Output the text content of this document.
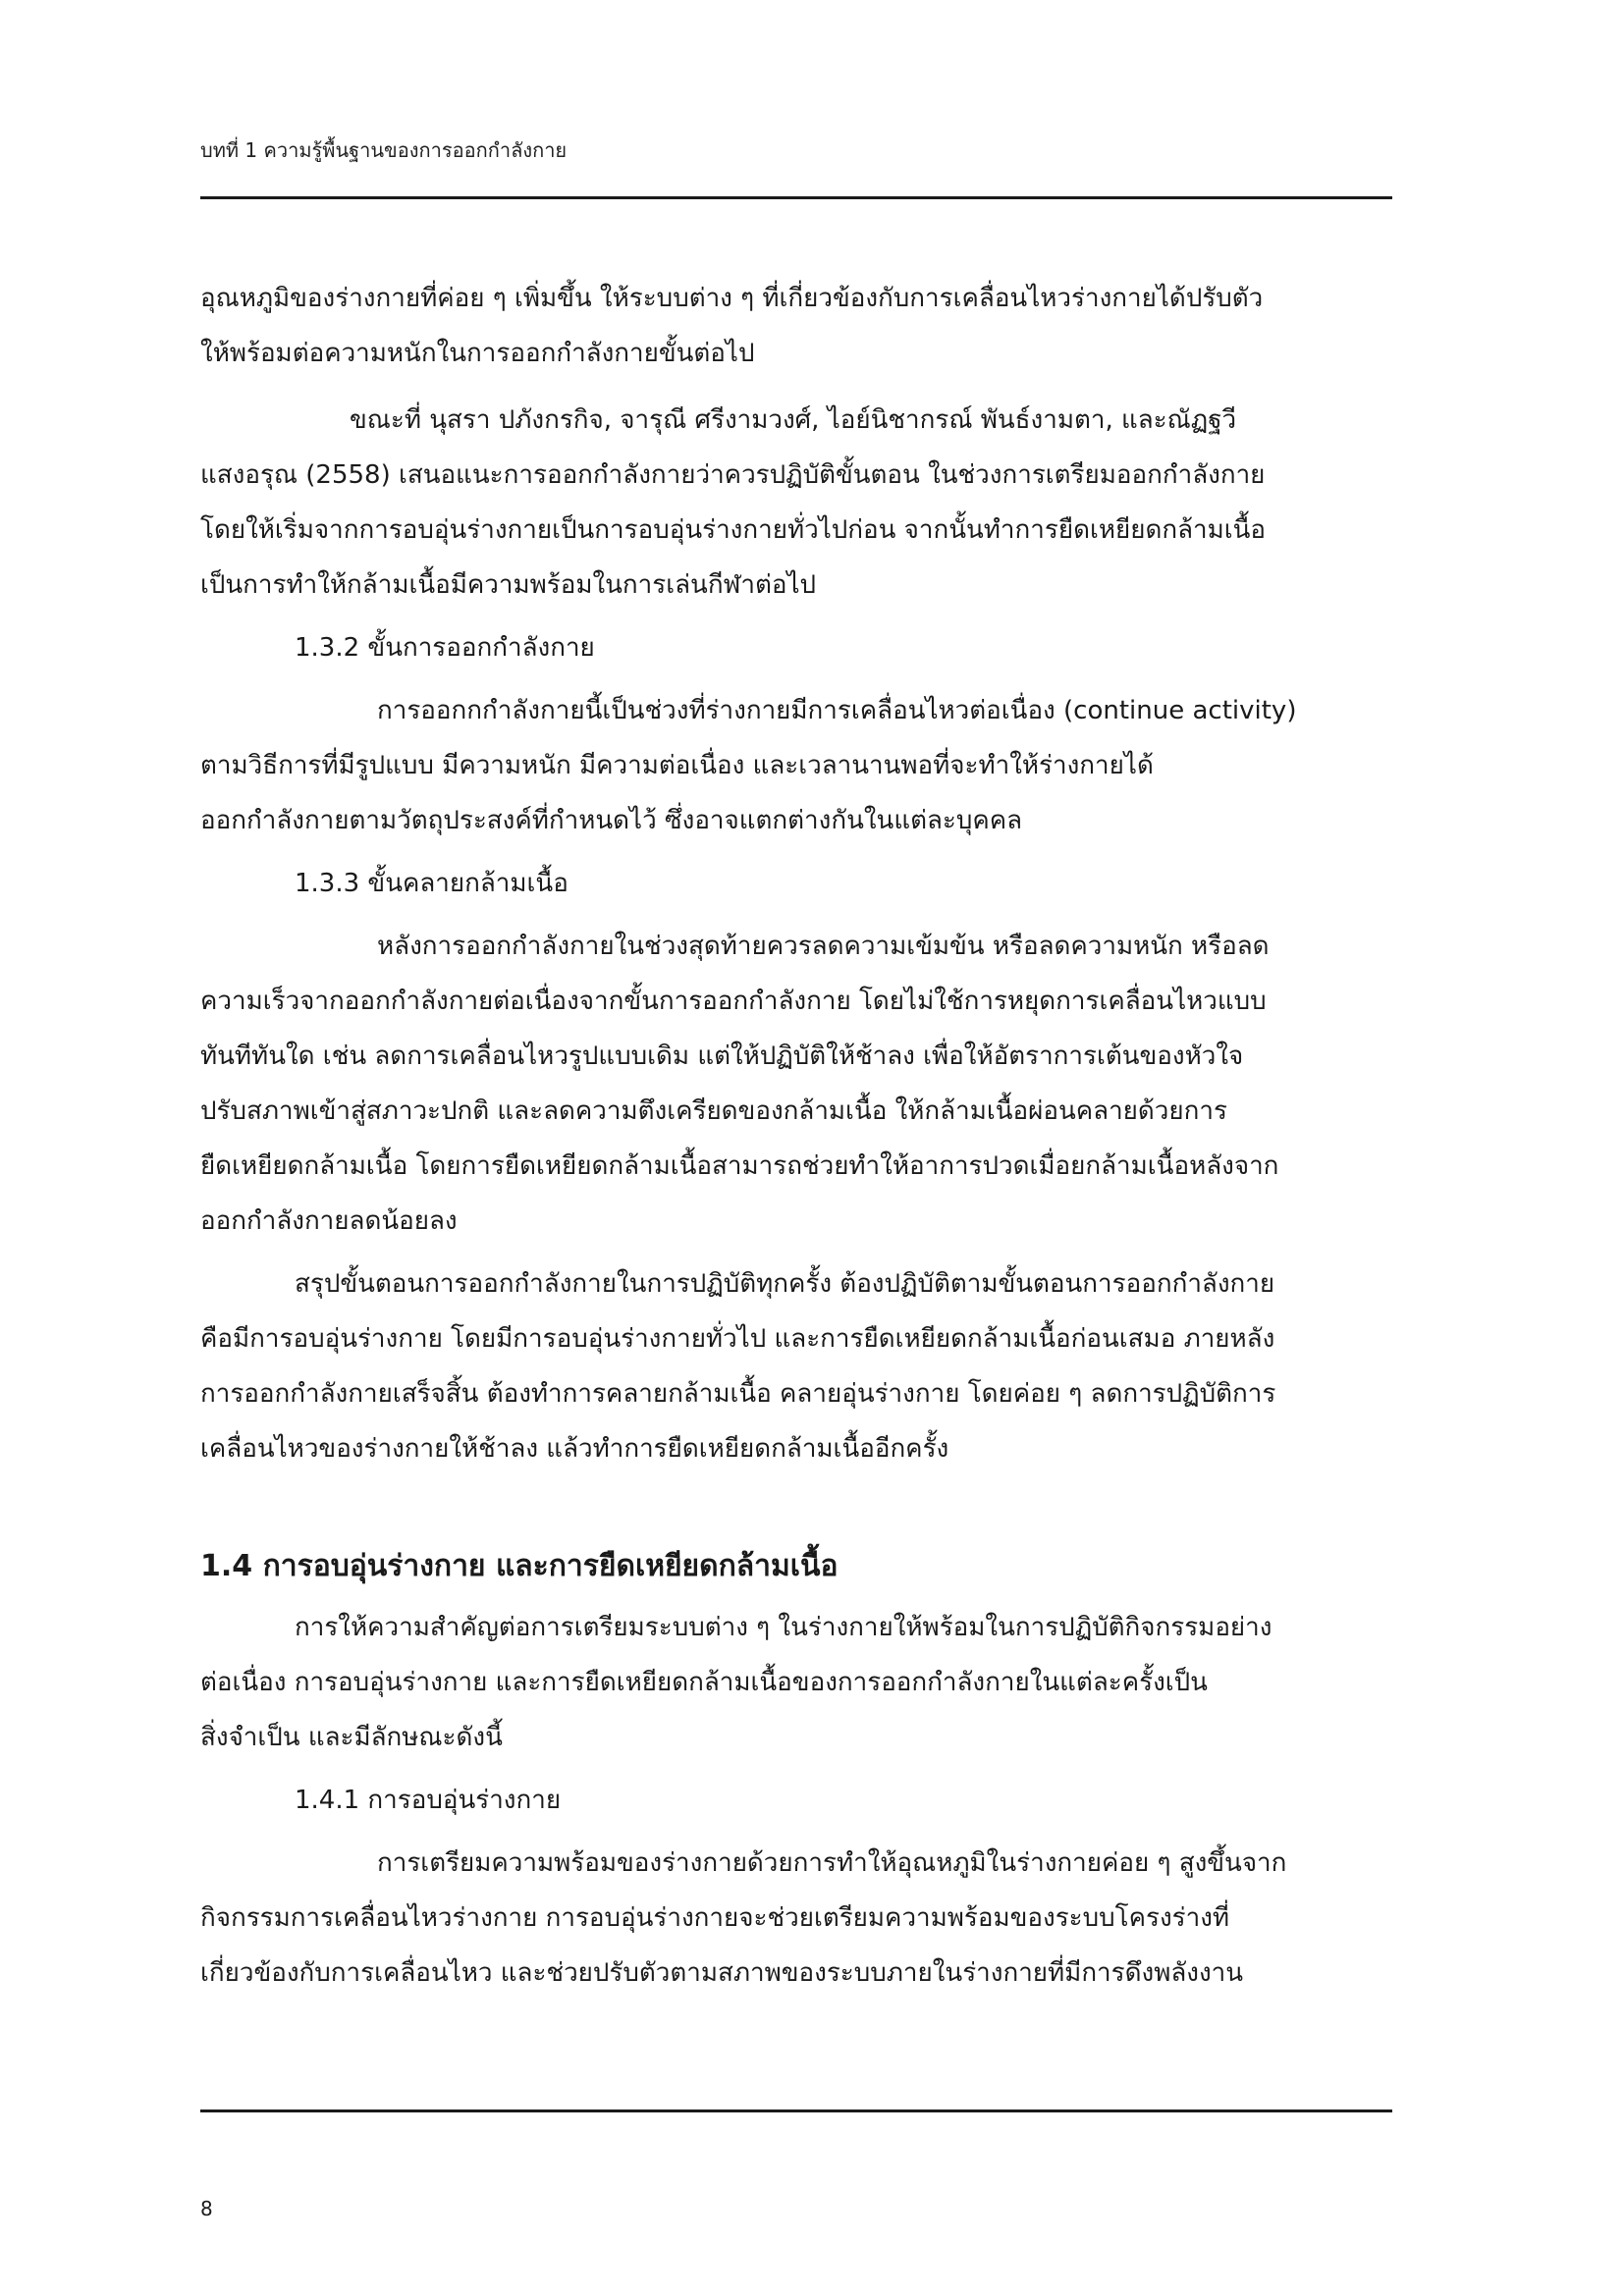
บทที่ 1 ความรู้พื้นฐานของการออกกำลังกาย

อุณหภูมิของร่างกายที่ค่อย ๆ เพิ่มขึ้น ให้ระบบต่าง ๆ ที่เกี่ยวข้องกับการเคลื่อนไหวร่างกายได้ปรับตัว

ให้พร้อมต่อความหนักในการออกกำลังกายขั้นต่อไป

ขณะที่ นุสรา ปภังกรกิจ, จารุณี ศรีงามวงศ์, ไอย์นิชากรณ์ พันธ์งามตา, และณัฏฐวี

แสงอรุณ (2558) เสนอแนะการออกกำลังกายว่าควรปฏิบัติขั้นตอน ในช่วงการเตรียมออกกำลังกาย

โดยให้เริ่มจากการอบอุ่นร่างกายเป็นการอบอุ่นร่างกายทั่วไปก่อน จากนั้นทำการยืดเหยียดกล้ามเนื้อ

เป็นการทำให้กล้ามเนื้อมีความพร้อมในการเล่นกีฬาต่อไป

1.3.2 ขั้นการออกกำลังกาย

การออกกกำลังกายนี้เป็นช่วงที่ร่างกายมีการเคลื่อนไหวต่อเนื่อง (continue activity)

ตามวิธีการที่มีรูปแบบ มีความหนัก มีความต่อเนื่อง และเวลานานพอที่จะทำให้ร่างกายได้

ออกกำลังกายตามวัตถุประสงค์ที่กำหนดไว้ ซึ่งอาจแตกต่างกันในแต่ละบุคคล

1.3.3 ขั้นคลายกล้ามเนื้อ

หลังการออกกำลังกายในช่วงสุดท้ายควรลดความเข้มข้น หรือลดความหนัก หรือลด

ความเร็วจากออกกำลังกายต่อเนื่องจากขั้นการออกกำลังกาย โดยไม่ใช้การหยุดการเคลื่อนไหวแบบ

ทันทีทันใด เช่น ลดการเคลื่อนไหวรูปแบบเดิม แต่ให้ปฏิบัติให้ช้าลง เพื่อให้อัตราการเต้นของหัวใจ

ปรับสภาพเข้าสู่สภาวะปกติ และลดความตึงเครียดของกล้ามเนื้อ ให้กล้ามเนื้อผ่อนคลายด้วยการ

ยืดเหยียดกล้ามเนื้อ โดยการยืดเหยียดกล้ามเนื้อสามารถช่วยทำให้อาการปวดเมื่อยกล้ามเนื้อหลังจาก

ออกกำลังกายลดน้อยลง

สรุปขั้นตอนการออกกำลังกายในการปฏิบัติทุกครั้ง ต้องปฏิบัติตามขั้นตอนการออกกำลังกาย

คือมีการอบอุ่นร่างกาย โดยมีการอบอุ่นร่างกายทั่วไป และการยืดเหยียดกล้ามเนื้อก่อนเสมอ ภายหลัง

การออกกำลังกายเสร็จสิ้น ต้องทำการคลายกล้ามเนื้อ คลายอุ่นร่างกาย โดยค่อย ๆ ลดการปฏิบัติการ

เคลื่อนไหวของร่างกายให้ช้าลง แล้วทำการยืดเหยียดกล้ามเนื้ออีกครั้ง

1.4 การอบอุ่นร่างกาย และการยืดเหยียดกล้ามเนื้อ

การให้ความสำคัญต่อการเตรียมระบบต่าง ๆ ในร่างกายให้พร้อมในการปฏิบัติกิจกรรมอย่าง

ต่อเนื่อง การอบอุ่นร่างกาย และการยืดเหยียดกล้ามเนื้อของการออกกำลังกายในแต่ละครั้งเป็น

สิ่งจำเป็น และมีลักษณะดังนี้

1.4.1 การอบอุ่นร่างกาย

การเตรียมความพร้อมของร่างกายด้วยการทำให้อุณหภูมิในร่างกายค่อย ๆ สูงขึ้นจาก

กิจกรรมการเคลื่อนไหวร่างกาย การอบอุ่นร่างกายจะช่วยเตรียมความพร้อมของระบบโครงร่างที่

เกี่ยวข้องกับการเคลื่อนไหว และช่วยปรับตัวตามสภาพของระบบภายในร่างกายที่มีการดึงพลังงาน

8
